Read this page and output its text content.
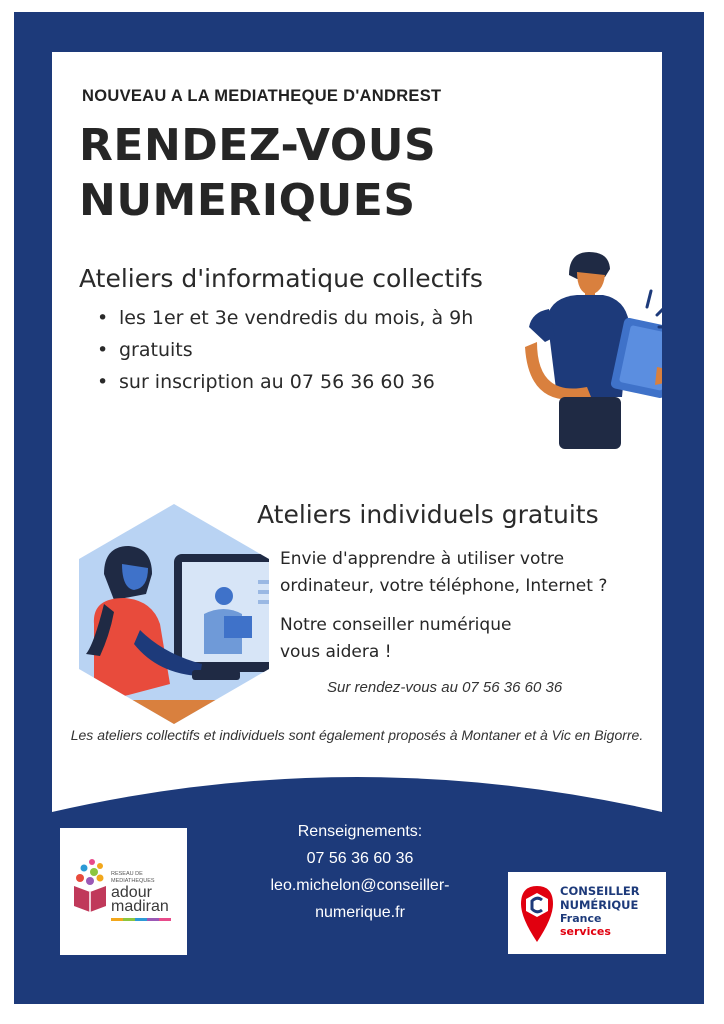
NOUVEAU A LA MEDIATHEQUE D'ANDREST
RENDEZ-VOUS
NUMERIQUES
Ateliers d'informatique collectifs
• les 1er et 3e vendredis du mois, à 9h
• gratuits
• sur inscription au 07 56 36 60 36
Ateliers individuels gratuits
Envie d'apprendre à utiliser votre
ordinateur, votre téléphone, Internet ?
Notre conseiller numérique
vous aidera !
Sur rendez-vous au 07 56 36 60 36
Les ateliers collectifs et individuels sont également proposés à Montaner et à Vic en Bigorre.
Renseignements:
07 56 36 60 36
leo.michelon@conseiller-
numerique.fr
RESEAU DE
MEDIATHEQUES
adour
madiran
CONSEILLER
NUMÉRIQUE
France
services
